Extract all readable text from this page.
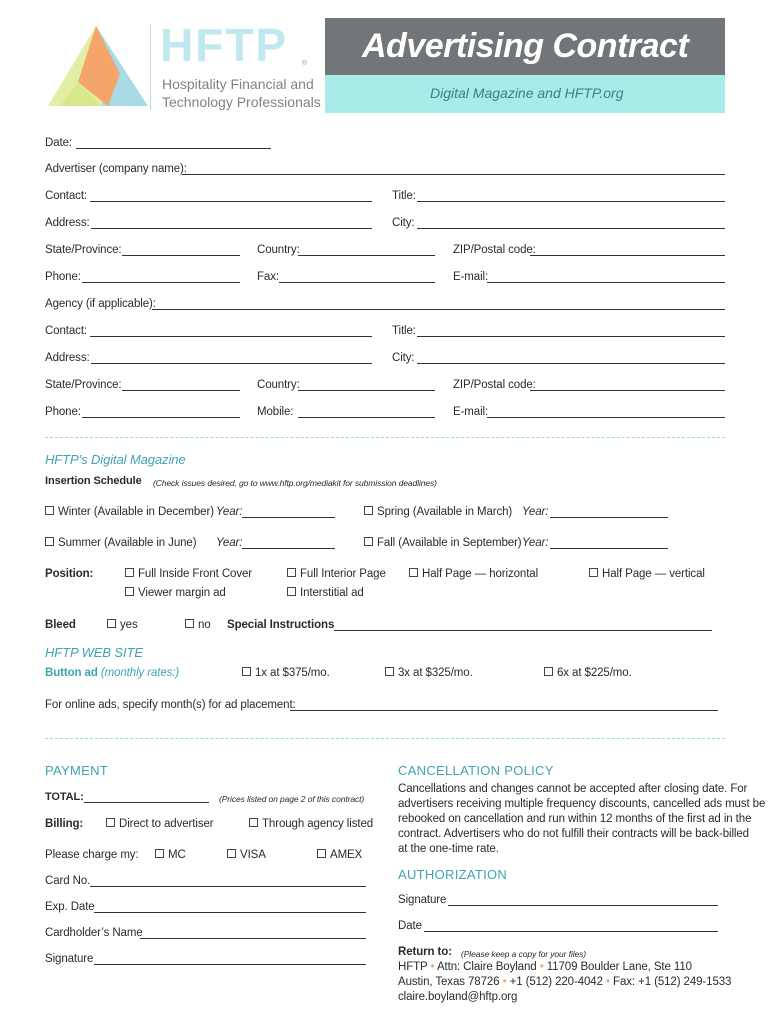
HFTP ®
Hospitality Financial and
Technology Professionals
Advertising Contract
Digital Magazine and HFTP.org
Date:
Advertiser (company name):
Contact:	Title:
Address:	City:
State/Province:	Country:	ZIP/Postal code:
Phone:	Fax:	E-mail:
Agency (if applicable):
Contact:	Title:
Address:	City:
State/Province:	Country:	ZIP/Postal code:
Phone:	Mobile:	E-mail:
HFTP’s Digital Magazine
Insertion Schedule (Check issues desired, go to www.hftp.org/mediakit for submission deadlines)
Winter (Available in December) Year:	Spring (Available in March) Year:
Summer (Available in June) Year:	Fall (Available in September) Year:
Position:	Full Inside Front Cover	Full Interior Page	Half Page — horizontal	Half Page — vertical
Viewer margin ad	Interstitial ad
Bleed	yes	no Special Instructions
HFTP WEB SITE
Button ad (monthly rates:)	1x at $375/mo.	3x at $325/mo.	6x at $225/mo.
For online ads, specify month(s) for ad placement:
PAYMENT
TOTAL:	(Prices listed on page 2 of this contract)
Billing:	Direct to advertiser	Through agency listed
Please charge my:	MC	VISA	AMEX
Card No.
Exp. Date
Cardholder’s Name
Signature
CANCELLATION POLICY
Cancellations and changes cannot be accepted after closing date. For
advertisers receiving multiple frequency discounts, cancelled ads must be
rebooked on cancellation and run within 12 months of the first ad in the
contract. Advertisers who do not fulfill their contracts will be back-billed
at the one-time rate.
AUTHORIZATION
Signature
Date
Return to: (Please keep a copy for your files)
HFTP • Attn: Claire Boyland • 11709 Boulder Lane, Ste 110
Austin, Texas 78726 • +1 (512) 220-4042 • Fax: +1 (512) 249-1533
claire.boyland@hftp.org
